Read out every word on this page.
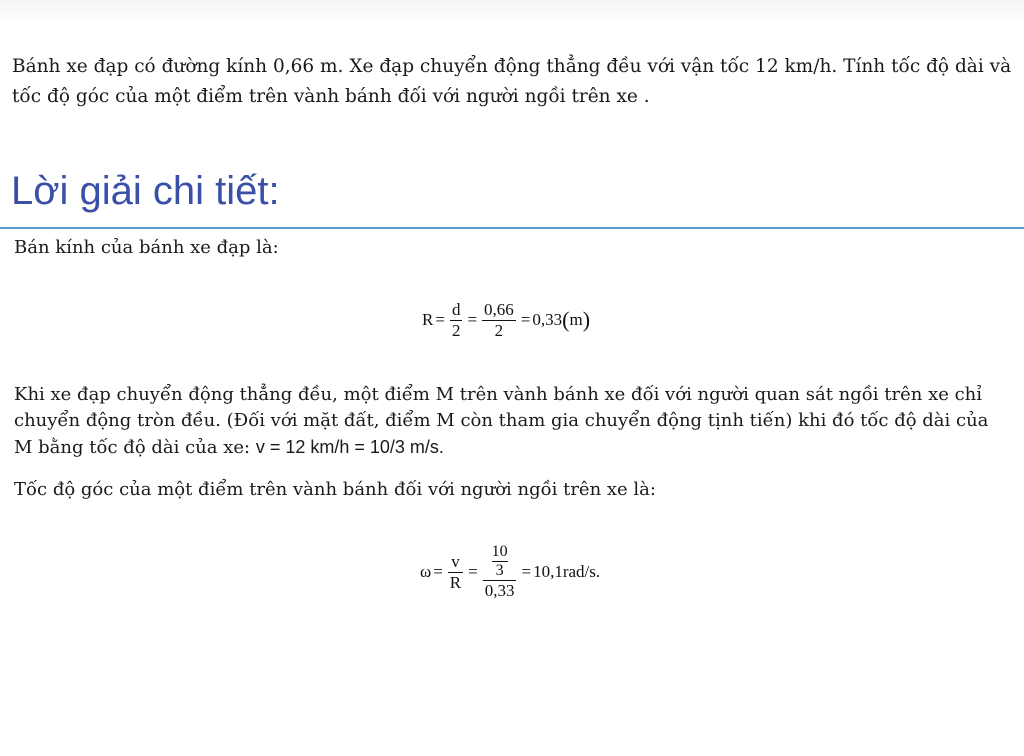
Bánh xe đạp có đường kính 0,66 m. Xe đạp chuyển động thẳng đều với vận tốc 12 km/h. Tính tốc độ dài và tốc độ góc của một điểm trên vành bánh đối với người ngồi trên xe .

Lời giải chi tiết:

Bán kính của bánh xe đạp là:

$R = \frac{d}{2} = \frac{0,66}{2} = 0,33$ ( m )
Khi xe đạp chuyển động thẳng đều, một điểm M trên vành bánh xe đối với người quan sát ngồi trên xe chỉ
chuyển động tròn đều. (Đối với mặt đất, điểm M còn tham gia chuyển động tịnh tiến) khi đó tốc độ dài của
M bằng tốc độ dài của xe: v = 12 km/h = 10/3 m/s.

Tốc độ góc của một điểm trên vành bánh đối với người ngồi trên xe là:

$\omega = \frac{v}{R} = \frac{\frac{10}{3}}{0,33} = 10,1rad/s$.
